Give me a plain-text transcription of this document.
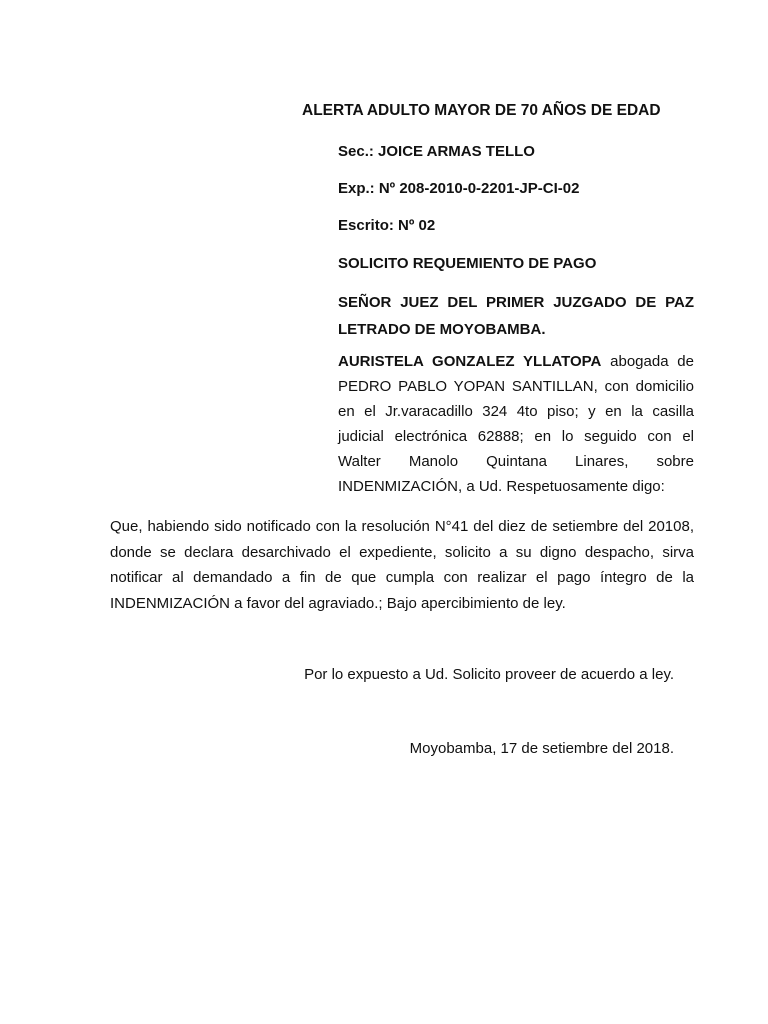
ALERTA ADULTO MAYOR DE 70 AÑOS DE EDAD
Sec.: JOICE ARMAS TELLO
Exp.: Nº 208-2010-0-2201-JP-CI-02
Escrito: Nº 02
SOLICITO REQUEMIENTO DE PAGO
SEÑOR JUEZ DEL PRIMER JUZGADO DE PAZ
LETRADO DE MOYOBAMBA.
AURISTELA GONZALEZ YLLATOPA abogada de
PEDRO PABLO YOPAN SANTILLAN, con domicilio
en el Jr.varacadillo 324 4to piso; y en la casilla
judicial electrónica 62888; en lo seguido con el
Walter Manolo Quintana Linares, sobre
INDENMIZACIÓN, a Ud. Respetuosamente digo:
Que, habiendo sido notificado con la resolución N°41 del diez de setiembre del 20108,
donde se declara desarchivado el expediente, solicito a su digno despacho, sirva
notificar al demandado a fin de que cumpla con realizar el pago íntegro de la
INDENMIZACIÓN a favor del agraviado.; Bajo apercibimiento de ley.
Por lo expuesto a Ud. Solicito proveer de acuerdo a ley.
Moyobamba, 17 de setiembre del 2018.
